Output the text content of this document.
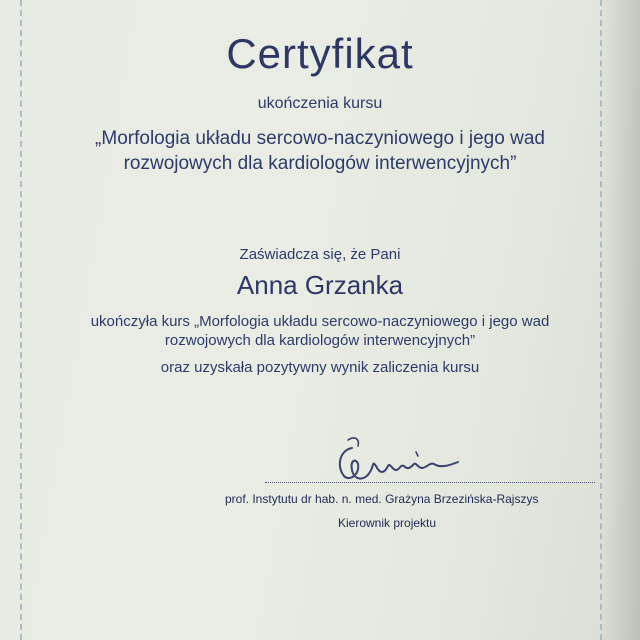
Certyfikat
ukończenia kursu
„Morfologia układu sercowo-naczyniowego i jego wad
rozwojowych dla kardiologów interwencyjnych”
Zaświadcza się, że Pani
Anna Grzanka
ukończyła kurs „Morfologia układu sercowo-naczyniowego i jego wad
rozwojowych dla kardiologów interwencyjnych”
oraz uzyskała pozytywny wynik zaliczenia kursu
prof. Instytutu dr hab. n. med. Grażyna Brzezińska-Rajszys
Kierownik projektu
